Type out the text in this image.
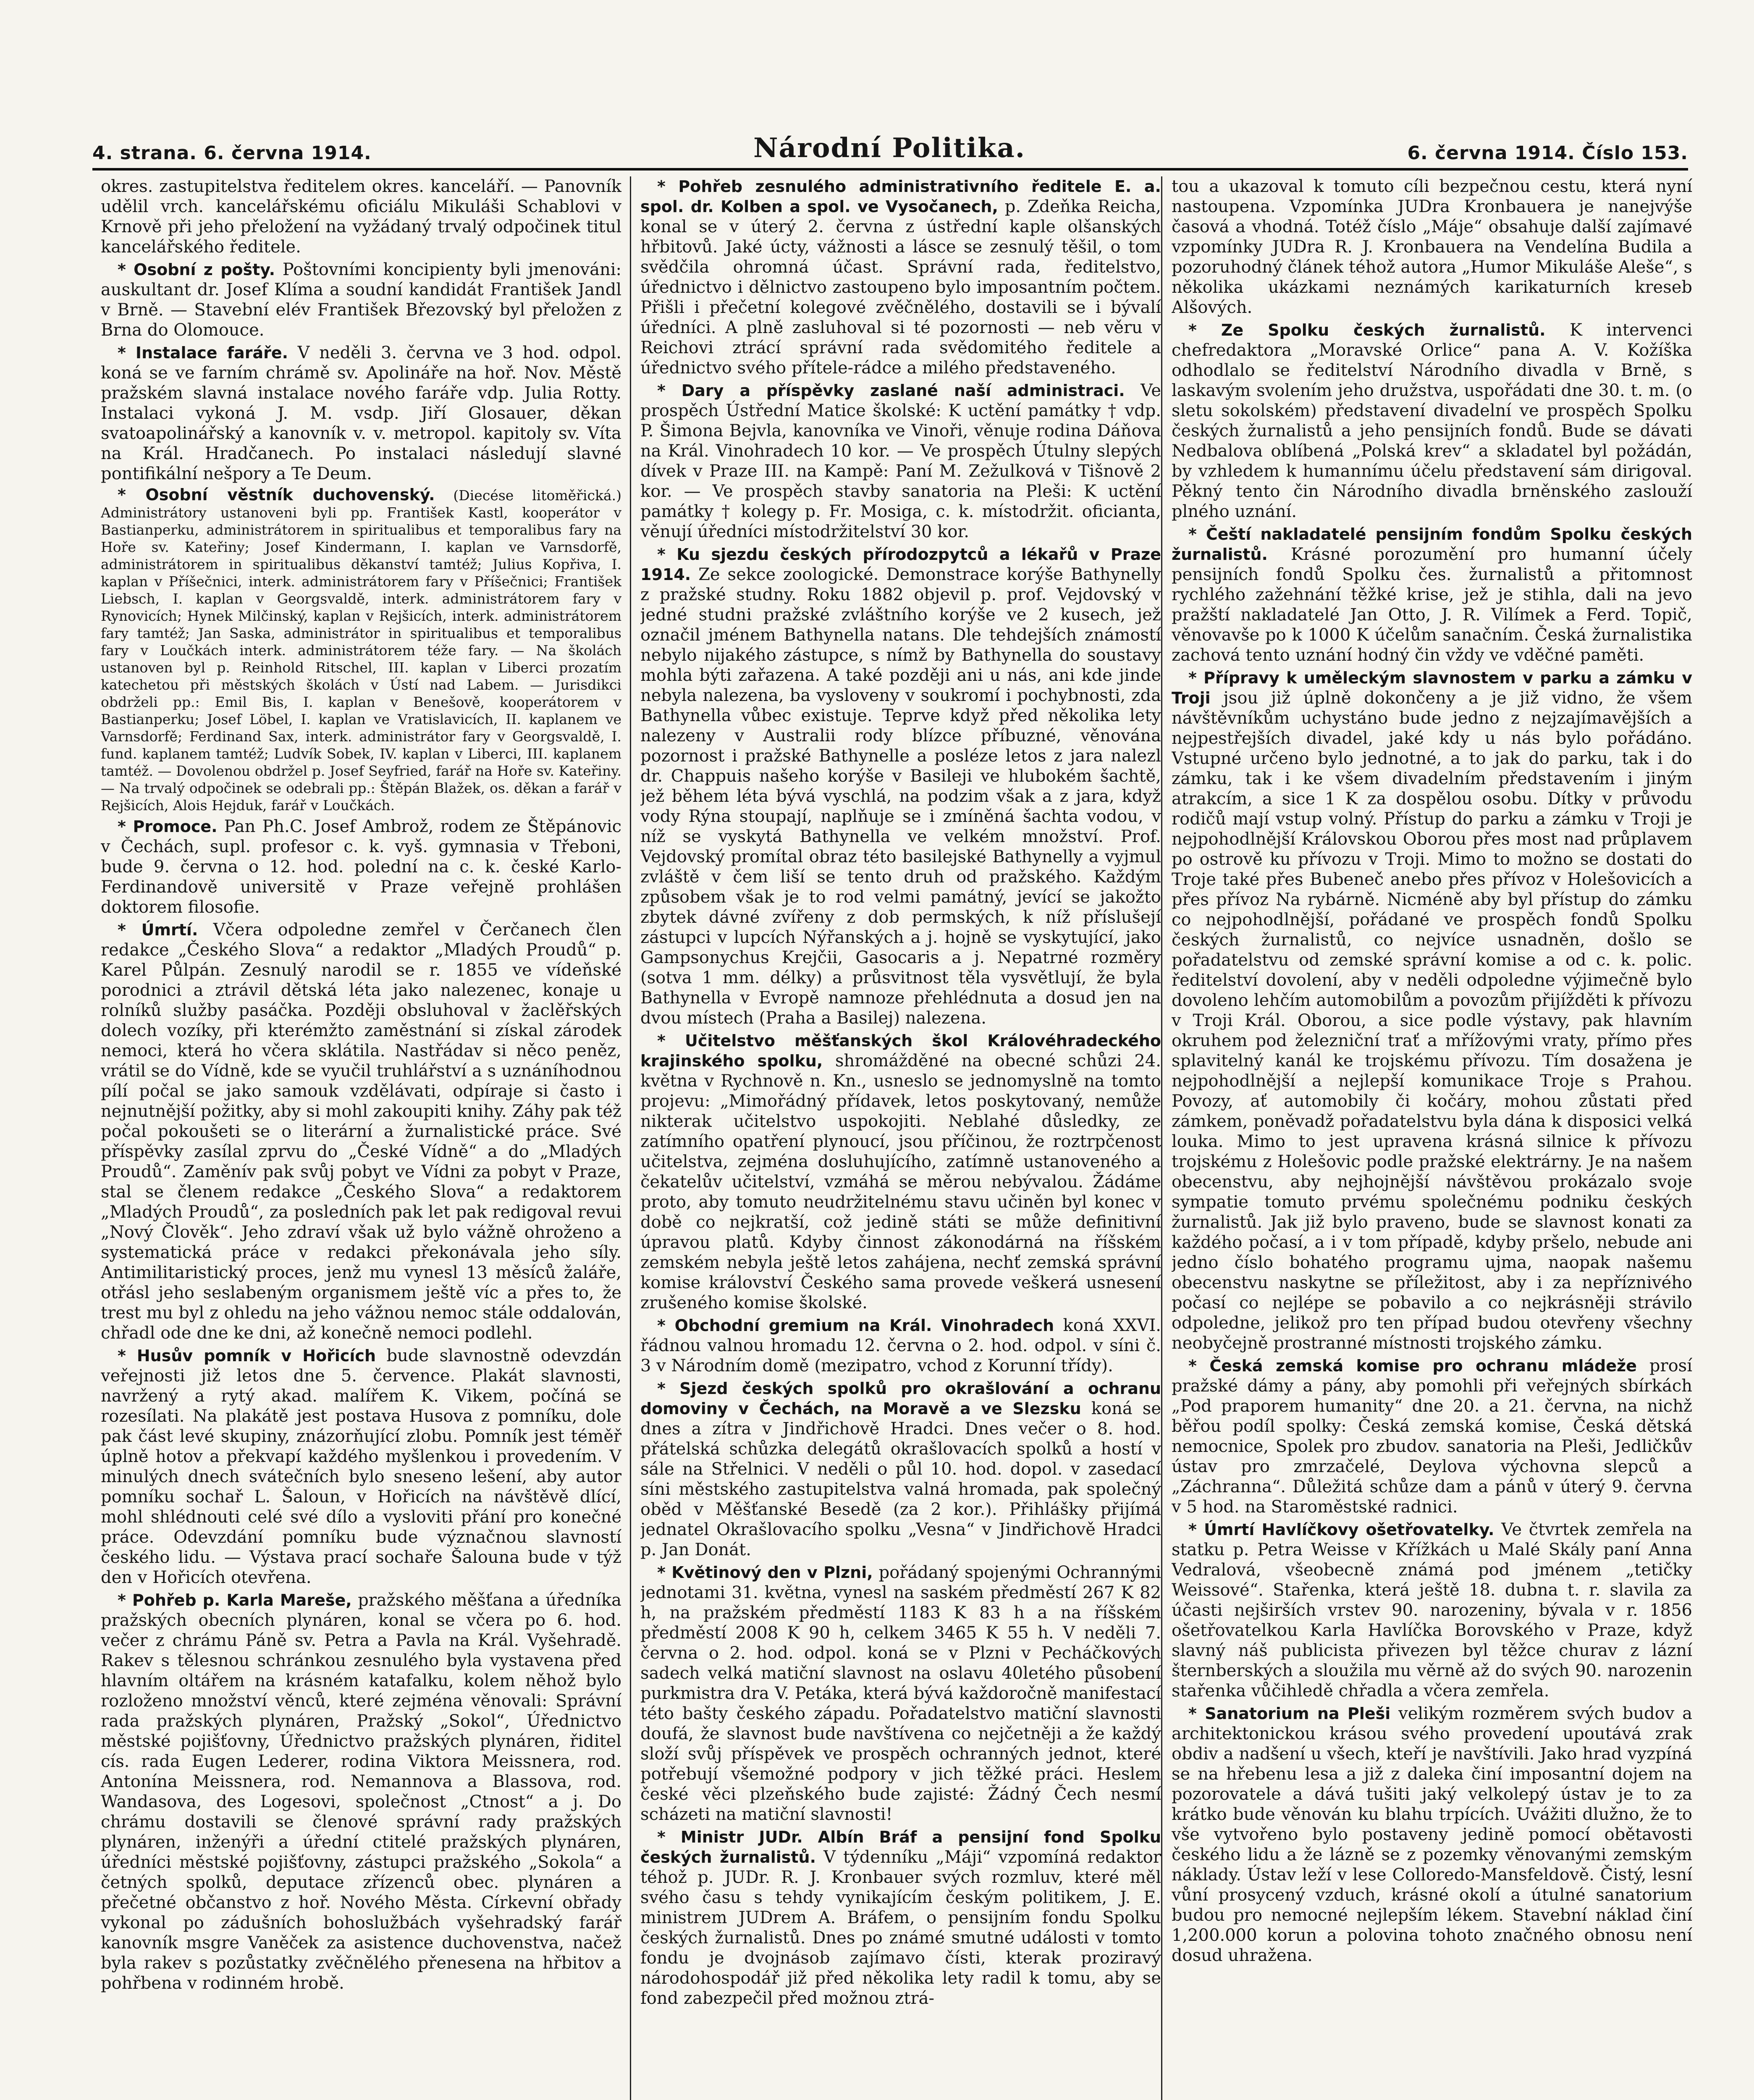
4. strana. 6. června 1914.	Národní Politika.	6. června 1914. Číslo 153.

okres. zastupitelstva ředitelem okres. kanceláří. — Panovník udělil vrch. kancelářskému oficiálu Mikuláši Schablovi v Krnově při jeho přeložení na vyžádaný trvalý odpočinek titul kancelářského ředitele.

* Osobní z pošty. Poštovními koncipienty byli jmenováni: auskultant dr. Josef Klíma a soudní kandidát František Jandl v Brně. — Stavební elév František Březovský byl přeložen z Brna do Olomouce.

* Instalace faráře. V neděli 3. června ve 3 hod. odpol. koná se ve farním chrámě sv. Apolináře na hoř. Nov. Městě pražském slavná instalace nového faráře vdp. Julia Rotty. Instalaci vykoná J. M. vsdp. Jiří Glosauer, děkan svatoapolinářský a kanovník v. v. metropol. kapitoly sv. Víta na Král. Hradčanech. Po instalaci následují slavné pontifikální nešpory a Te Deum.

* Osobní věstník duchovenský. (Diecése litoměřická.) Administrátory ustanoveni byli pp. František Kastl, kooperátor v Bastianperku, administrátorem in spiritualibus et temporalibus fary na Hoře sv. Kateřiny; Josef Kindermann, I. kaplan ve Varnsdorfě, administrátorem in spiritualibus děkanství tamtéž; Julius Kopřiva, I. kaplan v Příšečnici, interk. administrátorem fary v Příšečnici; František Liebsch, I. kaplan v Georgsvaldě, interk. administrátorem fary v Rynovicích; Hynek Milčinský, kaplan v Rejšicích, interk. administrátorem fary tamtéž; Jan Saska, administrátor in spiritualibus et temporalibus fary v Loučkách interk. administrátorem téže fary. — Na školách ustanoven byl p. Reinhold Ritschel, III. kaplan v Liberci prozatím katechetou při městských školách v Ústí nad Labem. — Jurisdikci obdrželi pp.: Emil Bis, I. kaplan v Benešově, kooperátorem v Bastianperku; Josef Löbel, I. kaplan ve Vratislavicích, II. kaplanem ve Varnsdorfě; Ferdinand Sax, interk. administrátor fary v Georgsvaldě, I. fund. kaplanem tamtéž; Ludvík Sobek, IV. kaplan v Liberci, III. kaplanem tamtéž. — Dovolenou obdržel p. Josef Seyfried, farář na Hoře sv. Kateřiny. — Na trvalý odpočinek se odebrali pp.: Štěpán Blažek, os. děkan a farář v Rejšicích, Alois Hejduk, farář v Loučkách.

* Promoce. Pan Ph.C. Josef Ambrož, rodem ze Štěpánovic v Čechách, supl. profesor c. k. vyš. gymnasia v Třeboni, bude 9. června o 12. hod. polední na c. k. české Karlo-Ferdinandově universitě v Praze veřejně prohlášen doktorem filosofie.

* Úmrtí. Včera odpoledne zemřel v Čerčanech člen redakce „Českého Slova“ a redaktor „Mladých Proudů“ p. Karel Půlpán. Zesnulý narodil se r. 1855 ve vídeňské porodnici a ztrávil dětská léta jako nalezenec, konaje u rolníků služby pasáčka. Později obsluhoval v žaclěřských dolech vozíky, při kterémžto zaměstnání si získal zárodek nemoci, která ho včera sklátila. Nastřádav si něco peněz, vrátil se do Vídně, kde se vyučil truhlářství a s uznáníhodnou pílí počal se jako samouk vzdělávati, odpíraje si často i nejnutnější požitky, aby si mohl zakoupiti knihy. Záhy pak též počal pokoušeti se o literární a žurnalistické práce. Své příspěvky zasílal zprvu do „České Vídně“ a do „Mladých Proudů“. Zaměnív pak svůj pobyt ve Vídni za pobyt v Praze, stal se členem redakce „Českého Slova“ a redaktorem „Mladých Proudů“, za posledních pak let pak redigoval revui „Nový Člověk“. Jeho zdraví však už bylo vážně ohroženo a systematická práce v redakci překonávala jeho síly. Antimilitaristický proces, jenž mu vynesl 13 měsíců žaláře, otřásl jeho seslabeným organismem ještě víc a přes to, že trest mu byl z ohledu na jeho vážnou nemoc stále oddalován, chřadl ode dne ke dni, až konečně nemoci podlehl.

* Husův pomník v Hořicích bude slavnostně odevzdán veřejnosti již letos dne 5. července. Plakát slavnosti, navržený a rytý akad. malířem K. Vikem, počíná se rozesílati. Na plakátě jest postava Husova z pomníku, dole pak část levé skupiny, znázorňující zlobu. Pomník jest téměř úplně hotov a překvapí každého myšlenkou i provedením. V minulých dnech svátečních bylo sneseno lešení, aby autor pomníku sochař L. Šaloun, v Hořicích na návštěvě dlící, mohl shlédnouti celé své dílo a vysloviti přání pro konečné práce. Odevzdání pomníku bude význačnou slavností českého lidu. — Výstava prací sochaře Šalouna bude v týž den v Hořicích otevřena.

* Pohřeb p. Karla Mareše, pražského měšťana a úředníka pražských obecních plynáren, konal se včera po 6. hod. večer z chrámu Páně sv. Petra a Pavla na Král. Vyšehradě. Rakev s tělesnou schránkou zesnulého byla vystavena před hlavním oltářem na krásném katafalku, kolem něhož bylo rozloženo množství věnců, které zejména věnovali: Správní rada pražských plynáren, Pražský „Sokol“, Úřednictvo městské pojišťovny, Úřednictvo pražských plynáren, řiditel cís. rada Eugen Lederer, rodina Viktora Meissnera, rod. Antonína Meissnera, rod. Nemannova a Blassova, rod. Wandasova, des Logesovi, společnost „Ctnost“ a j. Do chrámu dostavili se členové správní rady pražských plynáren, inženýři a úřední ctitelé pražských plynáren, úředníci městské pojišťovny, zástupci pražského „Sokola“ a četných spolků, deputace zřízenců obec. plynáren a přečetné občanstvo z hoř. Nového Města. Církevní obřady vykonal po zádušních bohoslužbách vyšehradský farář kanovník msgre Vaněček za asistence duchovenstva, načež byla rakev s pozůstatky zvěčnělého přenesena na hřbitov a pohřbena v rodinném hrobě.

* Pohřeb zesnulého administrativního ředitele E. a. spol. dr. Kolben a spol. ve Vysočanech, p. Zdeňka Reicha, konal se v úterý 2. června z ústřední kaple olšanských hřbitovů. Jaké úcty, vážnosti a lásce se zesnulý těšil, o tom svědčila ohromná účast. Správní rada, ředitelstvo, úřednictvo i dělnictvo zastoupeno bylo imposantním počtem. Přišli i přečetní kolegové zvěčnělého, dostavili se i bývalí úředníci. A plně zasluhoval si té pozornosti — neb věru v Reichovi ztrácí správní rada svědomitého ředitele a úřednictvo svého přítele-rádce a milého představeného.

* Dary a příspěvky zaslané naší administraci. Ve prospěch Ústřední Matice školské: K uctění památky † vdp. P. Šimona Bejvla, kanovníka ve Vinoři, věnuje rodina Dáňova na Král. Vinohradech 10 kor. — Ve prospěch Útulny slepých dívek v Praze III. na Kampě: Paní M. Zežulková v Tišnově 2 kor. — Ve prospěch stavby sanatoria na Pleši: K uctění památky † kolegy p. Fr. Mosiga, c. k. místodržit. oficianta, věnují úředníci místodržitelství 30 kor.

* Ku sjezdu českých přírodozpytců a lékařů v Praze 1914. Ze sekce zoologické. Demonstrace korýše Bathynelly z pražské studny. Roku 1882 objevil p. prof. Vejdovský v jedné studni pražské zvláštního korýše ve 2 kusech, jež označil jménem Bathynella natans. Dle tehdejších známostí nebylo nijakého zástupce, s nímž by Bathynella do soustavy mohla býti zařazena. A také později ani u nás, ani kde jinde nebyla nalezena, ba vysloveny v soukromí i pochybnosti, zda Bathynella vůbec existuje. Teprve když před několika lety nalezeny v Australii rody blízce příbuzné, věnována pozornost i pražské Bathynelle a posléze letos z jara nalezl dr. Chappuis našeho korýše v Basileji ve hlubokém šachtě, jež během léta bývá vyschlá, na podzim však a z jara, když vody Rýna stoupají, naplňuje se i zmíněná šachta vodou, v níž se vyskytá Bathynella ve velkém množství. Prof. Vejdovský promítal obraz této basilejské Bathynelly a vyjmul zvláště v čem liší se tento druh od pražského. Každým způsobem však je to rod velmi památný, jevící se jakožto zbytek dávné zvířeny z dob permských, k níž příslušejí zástupci v lupcích Nýřanských a j. hojně se vyskytující, jako Gampsonychus Krejčii, Gasocaris a j. Nepatrné rozměry (sotva 1 mm. délky) a průsvitnost těla vysvětlují, že byla Bathynella v Evropě namnoze přehlédnuta a dosud jen na dvou místech (Praha a Basilej) nalezena.

* Učitelstvo měšťanských škol Královéhradeckého krajinského spolku, shromážděné na obecné schůzi 24. května v Rychnově n. Kn., usneslo se jednomyslně na tomto projevu: „Mimořádný přídavek, letos poskytovaný, nemůže nikterak učitelstvo uspokojiti. Neblahé důsledky, ze zatímního opatření plynoucí, jsou příčinou, že roztrpčenost učitelstva, zejména dosluhujícího, zatímně ustanoveného a čekatelův učitelství, vzmáhá se měrou nebývalou. Žádáme proto, aby tomuto neudržitelnému stavu učiněn byl konec v době co nejkratší, což jedině státi se může definitivní úpravou platů. Kdyby činnost zákonodárná na říšském zemském nebyla ještě letos zahájena, nechť zemská správní komise království Českého sama provede veškerá usnesení zrušeného komise školské.

* Obchodní gremium na Král. Vinohradech koná XXVI. řádnou valnou hromadu 12. června o 2. hod. odpol. v síni č. 3 v Národním domě (mezipatro, vchod z Korunní třídy).

* Sjezd českých spolků pro okrašlování a ochranu domoviny v Čechách, na Moravě a ve Slezsku koná se dnes a zítra v Jindřichově Hradci. Dnes večer o 8. hod. přátelská schůzka delegátů okrašlovacích spolků a hostí v sále na Střelnici. V neděli o půl 10. hod. dopol. v zasedací síni městského zastupitelstva valná hromada, pak společný oběd v Měšťanské Besedě (za 2 kor.). Přihlášky přijímá jednatel Okrašlovacího spolku „Vesna“ v Jindřichově Hradci p. Jan Donát.

* Květinový den v Plzni, pořádaný spojenými Ochrannými jednotami 31. května, vynesl na saském předměstí 267 K 82 h, na pražském předměstí 1183 K 83 h a na říšském předměstí 2008 K 90 h, celkem 3465 K 55 h. V neděli 7. června o 2. hod. odpol. koná se v Plzni v Pecháčkových sadech velká matiční slavnost na oslavu 40letého působení purkmistra dra V. Petáka, která bývá každoročně manifestací této bašty českého západu. Pořadatelstvo matiční slavnosti doufá, že slavnost bude navštívena co nejčetněji a že každý složí svůj příspěvek ve prospěch ochranných jednot, které potřebují všemožné podpory v jich těžké práci. Heslem české věci plzeňského bude zajisté: Žádný Čech nesmí scházeti na matiční slavnosti!

* Ministr JUDr. Albín Bráf a pensijní fond Spolku českých žurnalistů. V týdenníku „Máji“ vzpomíná redaktor téhož p. JUDr. R. J. Kronbauer svých rozmluv, které měl svého času s tehdy vynikajícím českým politikem, J. E. ministrem JUDrem A. Bráfem, o pensijním fondu Spolku českých žurnalistů. Dnes po známé smutné události v tomto fondu je dvojnásob zajímavo čísti, kterak proziravý národohospodář již před několika lety radil k tomu, aby se fond zabezpečil před možnou ztrá-

tou a ukazoval k tomuto cíli bezpečnou cestu, která nyní nastoupena. Vzpomínka JUDra Kronbauera je nanejvýše časová a vhodná. Totéž číslo „Máje“ obsahuje další zajímavé vzpomínky JUDra R. J. Kronbauera na Vendelína Budila a pozoruhodný článek téhož autora „Humor Mikuláše Aleše“, s několika ukázkami neznámých karikaturních kreseb Alšových.

* Ze Spolku českých žurnalistů. K intervenci chefredaktora „Moravské Orlice“ pana A. V. Kožíška odhodlalo se ředitelství Národního divadla v Brně, s laskavým svolením jeho družstva, uspořádati dne 30. t. m. (o sletu sokolském) představení divadelní ve prospěch Spolku českých žurnalistů a jeho pensijních fondů. Bude se dávati Nedbalova oblíbená „Polská krev“ a skladatel byl požádán, by vzhledem k humannímu účelu představení sám dirigoval. Pěkný tento čin Národního divadla brněnského zaslouží plného uznání.

* Čeští nakladatelé pensijním fondům Spolku českých žurnalistů. Krásné porozumění pro humanní účely pensijních fondů Spolku čes. žurnalistů a přitomnost rychlého zažehnání těžké krise, jež je stihla, dali na jevo pražští nakladatelé Jan Otto, J. R. Vilímek a Ferd. Topič, věnovavše po k 1000 K účelům sanačním. Česká žurnalistika zachová tento uznání hodný čin vždy ve vděčné paměti.

* Přípravy k uměleckým slavnostem v parku a zámku v Troji jsou již úplně dokončeny a je již vidno, že všem návštěvníkům uchystáno bude jedno z nejzajímavějších a nejpestřejších divadel, jaké kdy u nás bylo pořádáno. Vstupné určeno bylo jednotné, a to jak do parku, tak i do zámku, tak i ke všem divadelním představením i jiným atrakcím, a sice 1 K za dospělou osobu. Dítky v průvodu rodičů mají vstup volný. Přístup do parku a zámku v Troji je nejpohodlnější Královskou Oborou přes most nad průplavem po ostrově ku přívozu v Troji. Mimo to možno se dostati do Troje také přes Bubeneč anebo přes přívoz v Holešovicích a přes přívoz Na rybárně. Nicméně aby byl přístup do zámku co nejpohodlnější, pořádané ve prospěch fondů Spolku českých žurnalistů, co nejvíce usnadněn, došlo se pořadatelstvu od zemské správní komise a od c. k. polic. ředitelství dovolení, aby v neděli odpoledne výjimečně bylo dovoleno lehčím automobilům a povozům přijížděti k přívozu v Troji Král. Oborou, a sice podle výstavy, pak hlavním okruhem pod železniční trať a mřížovými vraty, přímo přes splavitelný kanál ke trojskému přívozu. Tím dosažena je nejpohodlnější a nejlepší komunikace Troje s Prahou. Povozy, ať automobily či kočáry, mohou zůstati před zámkem, poněvadž pořadatelstvu byla dána k disposici velká louka. Mimo to jest upravena krásná silnice k přívozu trojskému z Holešovic podle pražské elektrárny. Je na našem obecenstvu, aby nejhojnější návštěvou prokázalo svoje sympatie tomuto prvému společnému podniku českých žurnalistů. Jak již bylo praveno, bude se slavnost konati za každého počasí, a i v tom případě, kdyby pršelo, nebude ani jedno číslo bohatého programu ujma, naopak našemu obecenstvu naskytne se příležitost, aby i za nepříznivého počasí co nejlépe se pobavilo a co nejkrásněji strávilo odpoledne, jelikož pro ten případ budou otevřeny všechny neobyčejně prostranné místnosti trojského zámku.

* Česká zemská komise pro ochranu mládeže prosí pražské dámy a pány, aby pomohli při veřejných sbírkách „Pod praporem humanity“ dne 20. a 21. června, na nichž běřou podíl spolky: Česká zemská komise, Česká dětská nemocnice, Spolek pro zbudov. sanatoria na Pleši, Jedličkův ústav pro zmrzačelé, Deylova výchovna slepců a „Záchranna“. Důležitá schůze dam a pánů v úterý 9. června v 5 hod. na Staroměstské radnici.

* Úmrtí Havlíčkovy ošetřovatelky. Ve čtvrtek zemřela na statku p. Petra Weisse v Křížkách u Malé Skály paní Anna Vedralová, všeobecně známá pod jménem „tetičky Weissové“. Stařenka, která ještě 18. dubna t. r. slavila za účasti nejširších vrstev 90. narozeniny, bývala v r. 1856 ošetřovatelkou Karla Havlíčka Borovského v Praze, když slavný náš publicista přivezen byl těžce churav z lázní šternberských a sloužila mu věrně až do svých 90. narozenin stařenka vůčihledě chřadla a včera zemřela.

* Sanatorium na Pleši velikým rozměrem svých budov a architektonickou krásou svého provedení upoutává zrak obdiv a nadšení u všech, kteří je navštívili. Jako hrad vyzpíná se na hřebenu lesa a již z daleka činí imposantní dojem na pozorovatele a dává tušiti jaký velkolepý ústav je to za krátko bude věnován ku blahu trpících. Uvážiti dlužno, že to vše vytvořeno bylo postaveny jedině pomocí obětavosti českého lidu a že lázně se z pozemky věnovanými zemským náklady. Ústav leží v lese Colloredo-Mansfeldově. Čistý, lesní vůní prosycený vzduch, krásné okolí a útulné sanatorium budou pro nemocné nejlepším lékem. Stavební náklad činí 1,200.000 korun a polovina tohoto značného obnosu není dosud uhražena.
